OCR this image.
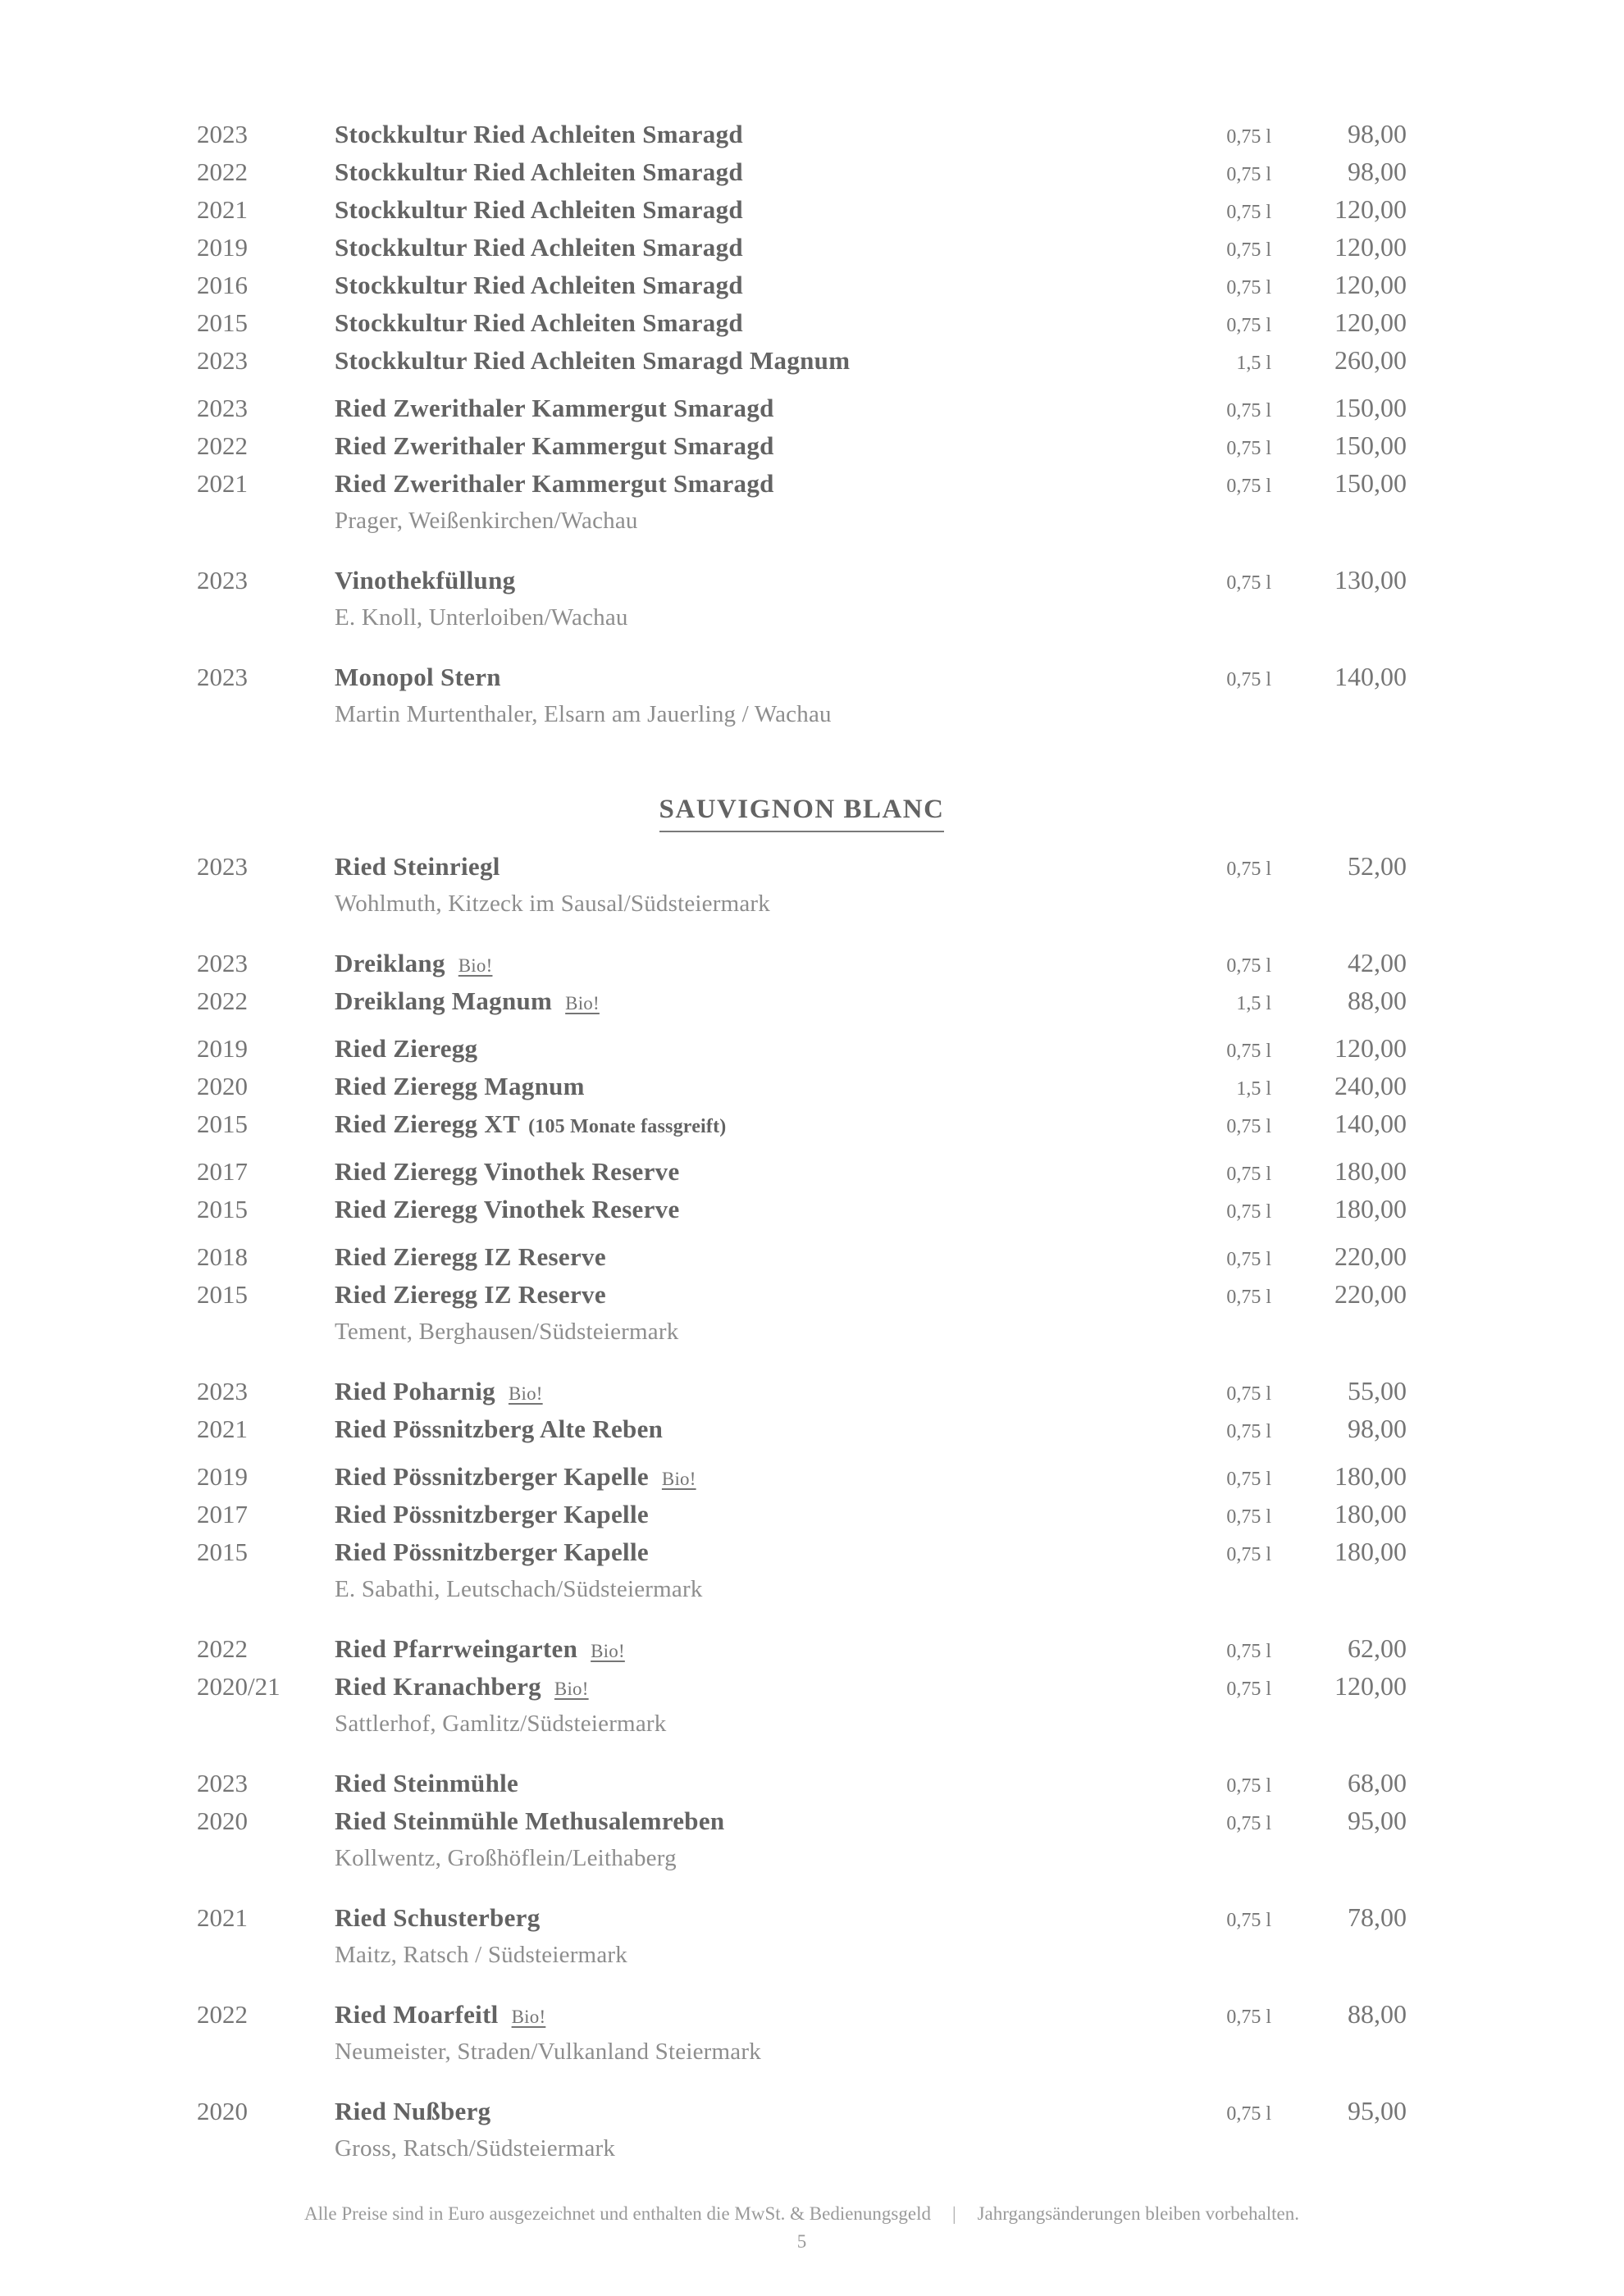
2023	Stockkultur Ried Achleiten Smaragd	0,75 l	98,00
2022	Stockkultur Ried Achleiten Smaragd	0,75 l	98,00
2021	Stockkultur Ried Achleiten Smaragd	0,75 l	120,00
2019	Stockkultur Ried Achleiten Smaragd	0,75 l	120,00
2016	Stockkultur Ried Achleiten Smaragd	0,75 l	120,00
2015	Stockkultur Ried Achleiten Smaragd	0,75 l	120,00
2023	Stockkultur Ried Achleiten Smaragd Magnum	1,5 l	260,00
2023	Ried Zwerithaler Kammergut Smaragd	0,75 l	150,00
2022	Ried Zwerithaler Kammergut Smaragd	0,75 l	150,00
2021	Ried Zwerithaler Kammergut Smaragd	0,75 l	150,00
Prager, Weißenkirchen/Wachau
2023	Vinothekfüllung	0,75 l	130,00
E. Knoll, Unterloiben/Wachau
2023	Monopol Stern	0,75 l	140,00
Martin Murtenthaler, Elsarn am Jauerling / Wachau
SAUVIGNON BLANC
2023	Ried Steinriegl	0,75 l	52,00
Wohlmuth, Kitzeck im Sausal/Südsteiermark
2023	Dreiklang Bio!	0,75 l	42,00
2022	Dreiklang Magnum Bio!	1,5 l	88,00
2019	Ried Zieregg	0,75 l	120,00
2020	Ried Zieregg Magnum	1,5 l	240,00
2015	Ried Zieregg XT (105 Monate fassgreift)	0,75 l	140,00
2017	Ried Zieregg Vinothek Reserve	0,75 l	180,00
2015	Ried Zieregg Vinothek Reserve	0,75 l	180,00
2018	Ried Zieregg IZ Reserve	0,75 l	220,00
2015	Ried Zieregg IZ Reserve	0,75 l	220,00
Tement, Berghausen/Südsteiermark
2023	Ried Poharnig Bio!	0,75 l	55,00
2021	Ried Pössnitzberg Alte Reben	0,75 l	98,00
2019	Ried Pössnitzberger Kapelle Bio!	0,75 l	180,00
2017	Ried Pössnitzberger Kapelle	0,75 l	180,00
2015	Ried Pössnitzberger Kapelle	0,75 l	180,00
E. Sabathi, Leutschach/Südsteiermark
2022	Ried Pfarrweingarten Bio!	0,75 l	62,00
2020/21	Ried Kranachberg Bio!	0,75 l	120,00
Sattlerhof, Gamlitz/Südsteiermark
2023	Ried Steinmühle	0,75 l	68,00
2020	Ried Steinmühle Methusalemreben	0,75 l	95,00
Kollwentz, Großhöflein/Leithaberg
2021	Ried Schusterberg	0,75 l	78,00
Maitz, Ratsch / Südsteiermark
2022	Ried Moarfeitl Bio!	0,75 l	88,00
Neumeister, Straden/Vulkanland Steiermark
2020	Ried Nußberg	0,75 l	95,00
Gross, Ratsch/Südsteiermark
Alle Preise sind in Euro ausgezeichnet und enthalten die MwSt. & Bedienungsgeld | Jahrgangsänderungen bleiben vorbehalten.
5
